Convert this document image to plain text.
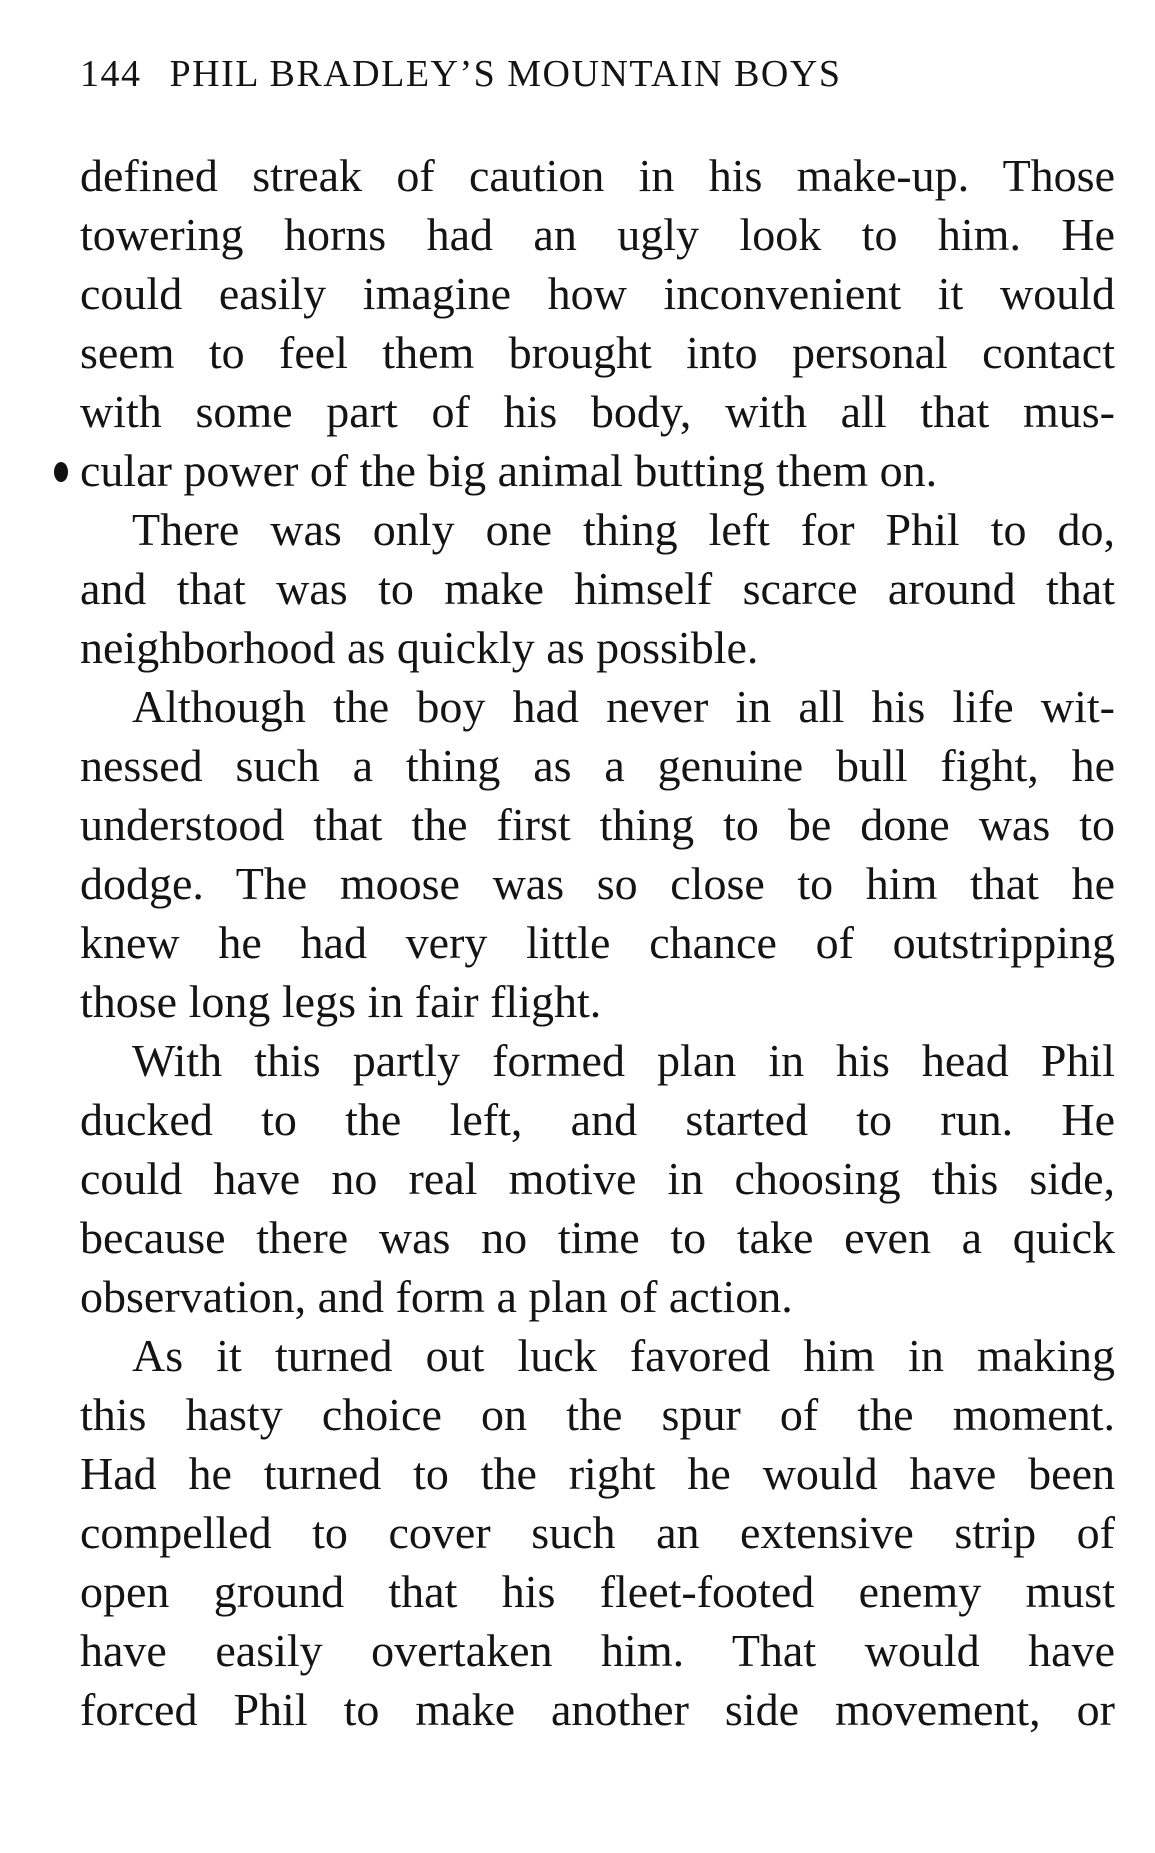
144 PHIL BRADLEY’S MOUNTAIN BOYS
defined streak of caution in his make-up. Those
towering horns had an ugly look to him. He
could easily imagine how inconvenient it would
seem to feel them brought into personal contact
with some part of his body, with all that mus-
cular power of the big animal butting them on.
There was only one thing left for Phil to do,
and that was to make himself scarce around that
neighborhood as quickly as possible.
Although the boy had never in all his life wit-
nessed such a thing as a genuine bull fight, he
understood that the first thing to be done was to
dodge. The moose was so close to him that he
knew he had very little chance of outstripping
those long legs in fair flight.
With this partly formed plan in his head Phil
ducked to the left, and started to run. He
could have no real motive in choosing this side,
because there was no time to take even a quick
observation, and form a plan of action.
As it turned out luck favored him in making
this hasty choice on the spur of the moment.
Had he turned to the right he would have been
compelled to cover such an extensive strip of
open ground that his fleet-footed enemy must
have easily overtaken him. That would have
forced Phil to make another side movement, or
